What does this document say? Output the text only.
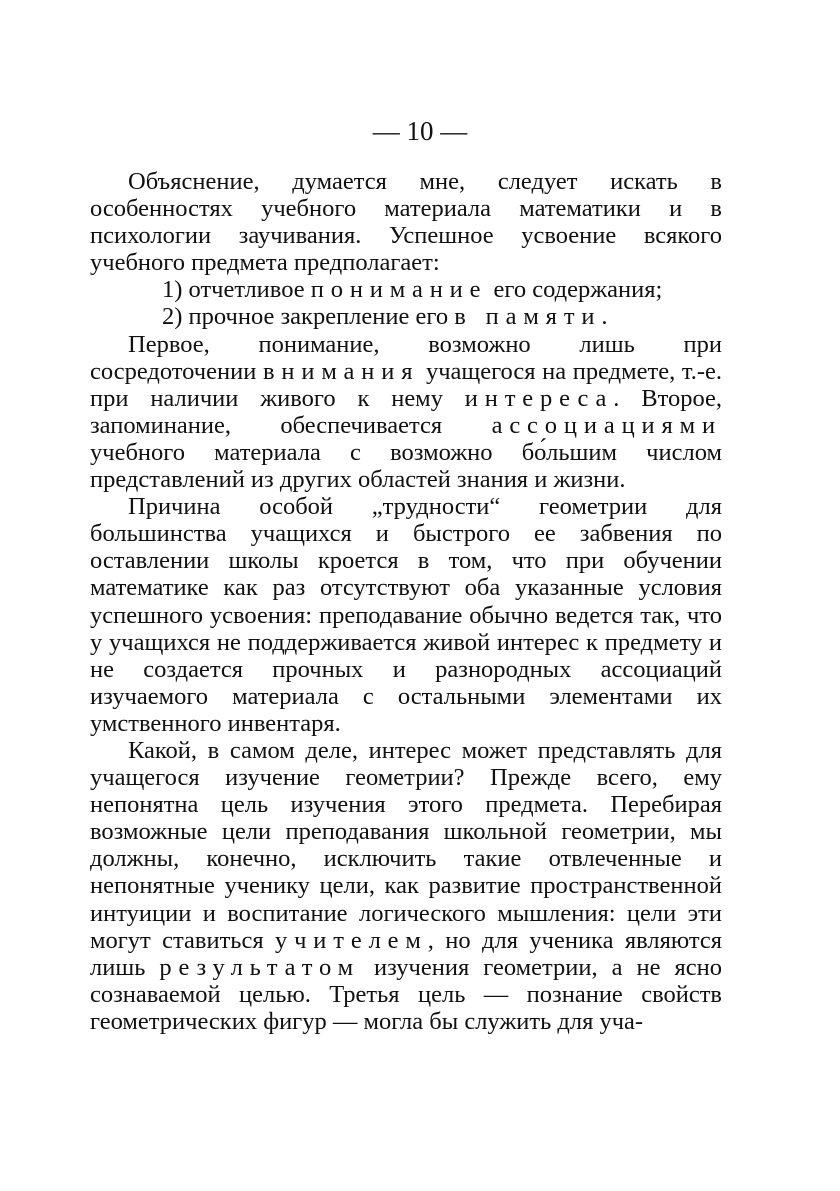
— 10 —

Объяснение, думается мне, следует искать в особенностях учебного материала математики и в психологии заучивания. Успешное усвоение всякого учебного предмета предполагает:

1) отчетливое понимание его содержания;

2) прочное закрепление его в памяти.

Первое, понимание, возможно лишь при сосредоточении внимания учащегося на предмете, т.-е. при наличии живого к нему интереса. Второе, запоминание, обеспечивается ассоциациями учебного материала с возможно бо́льшим числом представлений из других областей знания и жизни.

Причина особой „трудности“ геометрии для большинства учащихся и быстрого ее забвения по оставлении школы кроется в том, что при обучении математике как раз отсутствуют оба указанные условия успешного усвоения: преподавание обычно ведется так, что у учащихся не поддерживается живой интерес к предмету и не создается прочных и разнородных ассоциаций изучаемого материала с остальными элементами их умственного инвентаря.

Какой, в самом деле, интерес может представлять для учащегося изучение геометрии? Прежде всего, ему непонятна цель изучения этого предмета. Перебирая возможные цели преподавания школьной геометрии, мы должны, конечно, исключить такие отвлеченные и непонятные ученику цели, как развитие пространственной интуиции и воспитание логического мышления: цели эти могут ставиться учителем, но для ученика являются лишь результатом изучения геометрии, а не ясно сознаваемой целью. Третья цель — познание свойств геометрических фигур — могла бы служить для уча-
